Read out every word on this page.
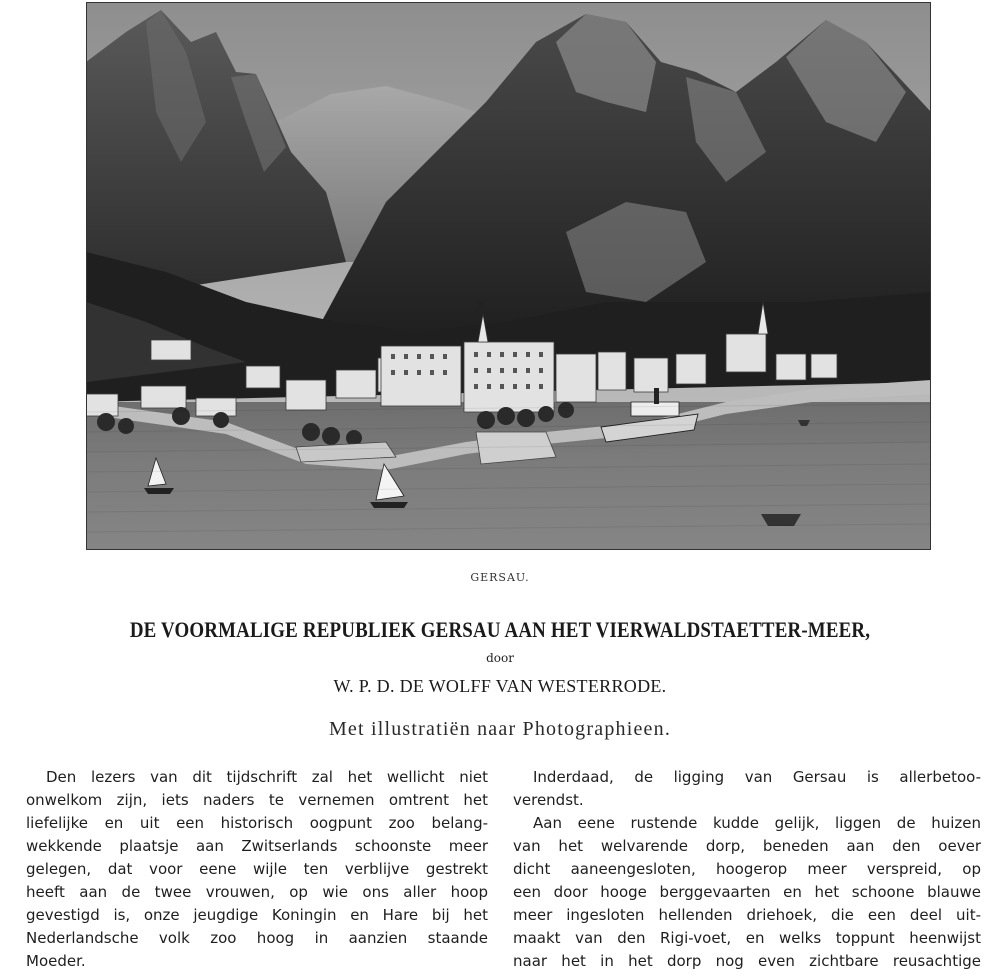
GERSAU.
DE VOORMALIGE REPUBLIEK GERSAU AAN HET VIERWALDSTAETTER-MEER,
door
W. P. D. DE WOLFF VAN WESTERRODE.
Met illustratiën naar Photographieen.
Den lezers van dit tijdschrift zal het wellicht niet
onwelkom zijn, iets naders te vernemen omtrent het
liefelijke en uit een historisch oogpunt zoo belang-
wekkende plaatsje aan Zwitserlands schoonste meer
gelegen, dat voor eene wijle ten verblijve gestrekt
heeft aan de twee vrouwen, op wie ons aller hoop
gevestigd is, onze jeugdige Koningin en Hare bij het
Nederlandsche volk zoo hoog in aanzien staande
Moeder.
Inderdaad, de ligging van Gersau is allerbetoo-
verendst.
Aan eene rustende kudde gelijk, liggen de huizen
van het welvarende dorp, beneden aan den oever
dicht aaneengesloten, hoogerop meer verspreid, op
een door hooge berggevaarten en het schoone blauwe
meer ingesloten hellenden driehoek, die een deel uit-
maakt van den Rigi-voet, en welks toppunt heenwijst
naar het in het dorp nog even zichtbare reusachtige
